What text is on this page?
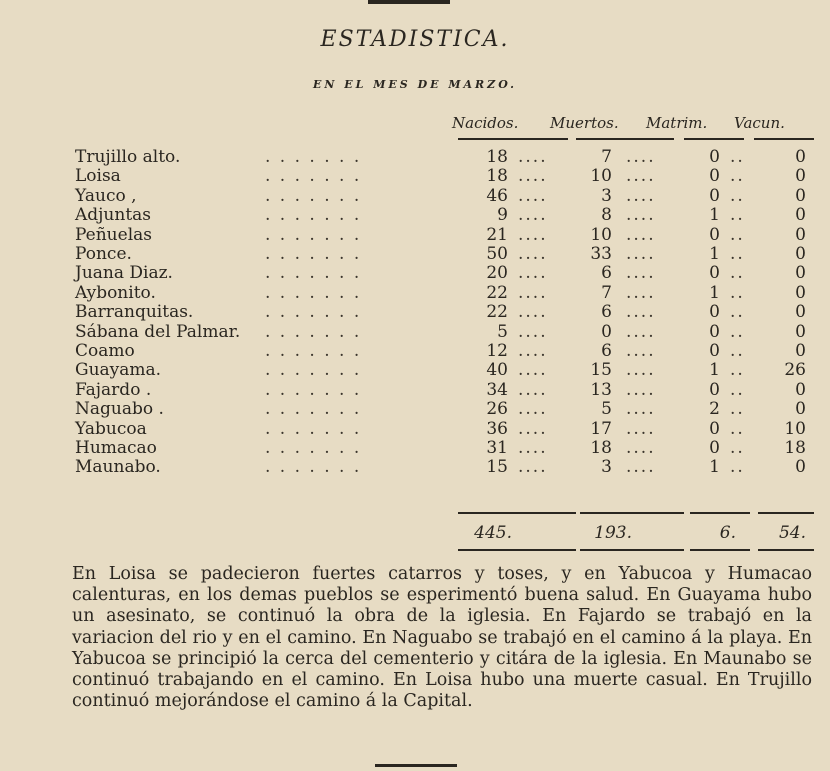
ESTADISTICA.
EN EL MES DE MARZO.
Nacidos. Muertos. Matrim. Vacun.
Trujillo alto.	. . . . . . .	18 ....	7 ....	0 ..	0
Loisa	. . . . . . .	18 ....	10 ....	0 ..	0
Yauco ,	. . . . . . .	46 ....	3 ....	0 ..	0
Adjuntas	. . . . . . .	9 ....	8 ....	1 ..	0
Peñuelas	. . . . . . .	21 ....	10 ....	0 ..	0
Ponce.	. . . . . . .	50 ....	33 ....	1 ..	0
Juana Diaz.	. . . . . . .	20 ....	6 ....	0 ..	0
Aybonito.	. . . . . . .	22 ....	7 ....	1 ..	0
Barranquitas.	. . . . . . .	22 ....	6 ....	0 ..	0
Sábana del Palmar. . . . . . . .	5 ....	0 ....	0 ..	0
Coamo	. . . . . . .	12 ....	6 ....	0 ..	0
Guayama.	. . . . . . .	40 ....	15 ....	1 ..	26
Fajardo .	. . . . . . .	34 ....	13 ....	0 ..	0
Naguabo .	. . . . . . .	26 ....	5 ....	2 ..	0
Yabucoa	. . . . . . .	36 ....	17 ....	0 ..	10
Humacao	. . . . . . .	31 ....	18 ....	0 ..	18
Maunabo.	. . . . . . .	15 ....	3 ....	1 ..	0
445.	193.	6.	54.
En Loisa se padecieron fuertes catarros y toses, y en Yabucoa y Humacao calenturas, en los demas pueblos se esperimentó buena salud. En Guayama hubo un asesinato, se continuó la obra de la iglesia. En Fajardo se trabajó en la variacion del rio y en el camino. En Naguabo se trabajó en el camino á la playa. En Yabucoa se principió la cerca del cementerio y citára de la iglesia. En Maunabo se continuó trabajando en el camino. En Loisa hubo una muerte casual. En Trujillo continuó mejorándose el camino á la Capital.
